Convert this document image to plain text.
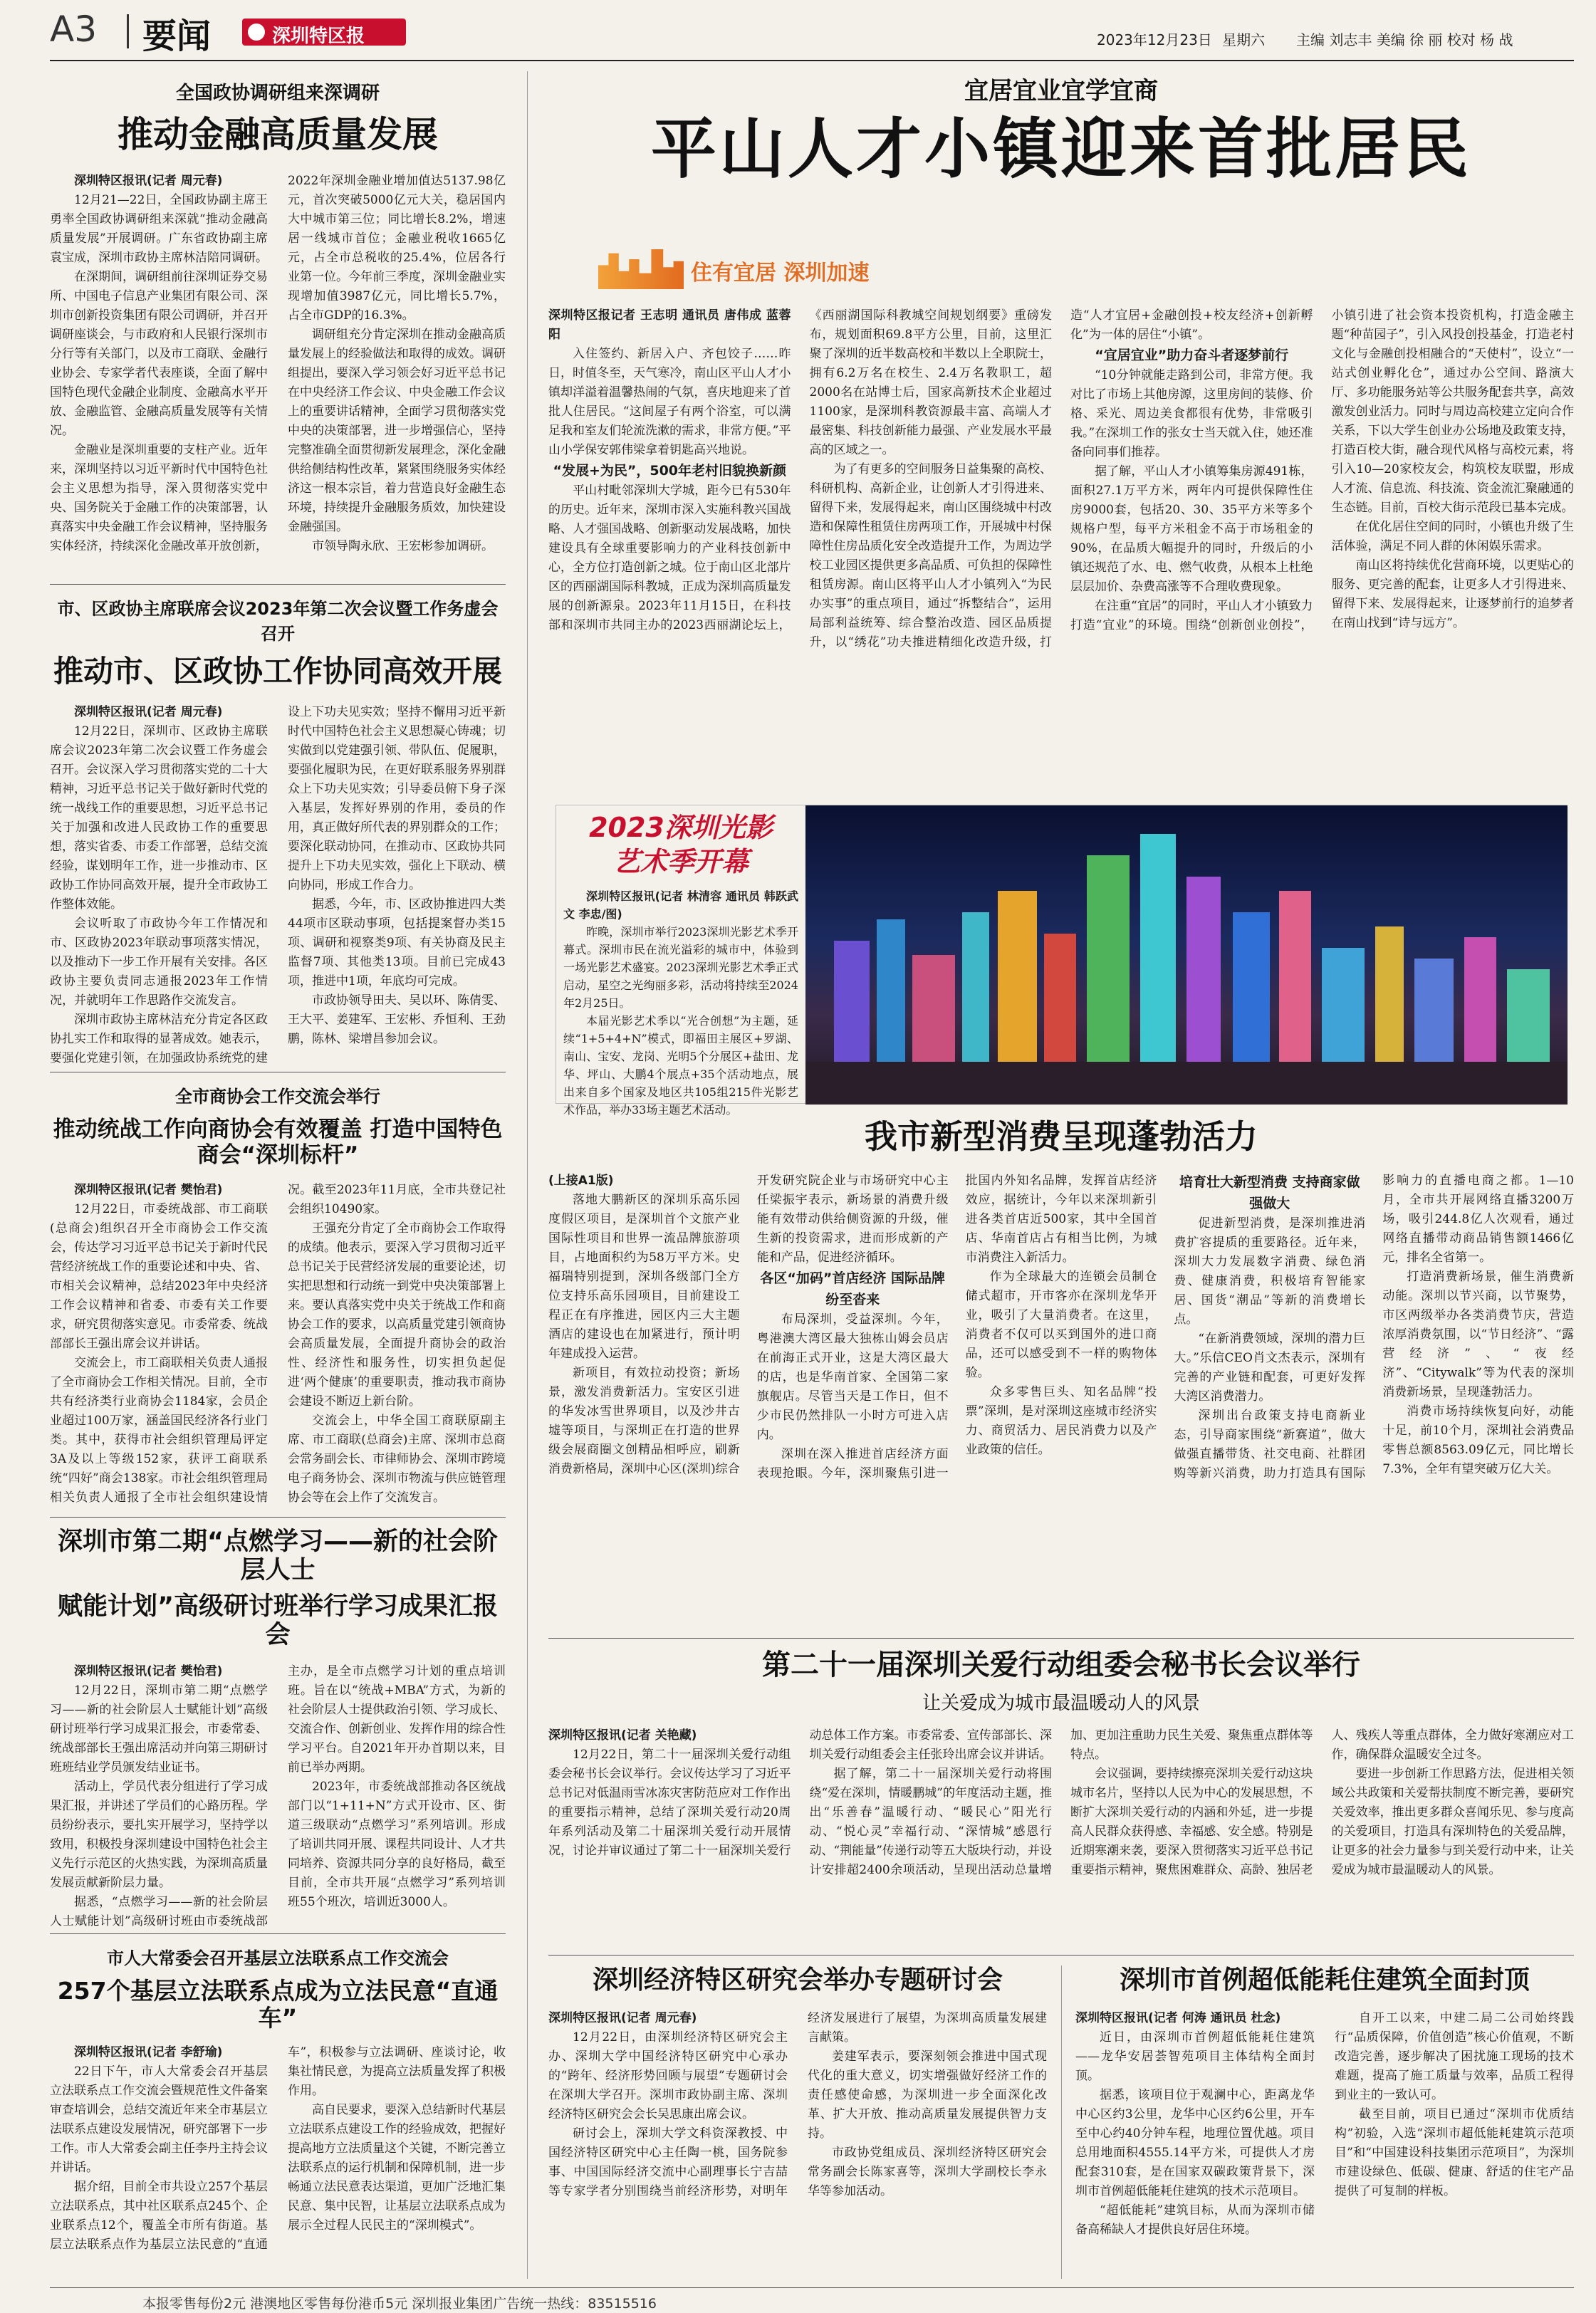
A3 要闻	深圳特区报	2023年12月23日 星期六 主编 刘志丰 美编 徐 丽 校对 杨 战
全国政协调研组来深调研
推动金融高质量发展

深圳特区报讯(记者 周元春)

12月21—22日，全国政协副主席王勇率全国政协调研组来深就“推动金融高质量发展”开展调研。广东省政协副主席袁宝成，深圳市政协主席林洁陪同调研。

在深期间，调研组前往深圳证券交易所、中国电子信息产业集团有限公司、深圳市创新投资集团有限公司调研，并召开调研座谈会，与市政府和人民银行深圳市分行等有关部门，以及市工商联、金融行业协会、专家学者代表座谈，全面了解中国特色现代金融企业制度、金融高水平开放、金融监管、金融高质量发展等有关情况。

金融业是深圳重要的支柱产业。近年来，深圳坚持以习近平新时代中国特色社会主义思想为指导，深入贯彻落实党中央、国务院关于金融工作的决策部署，认真落实中央金融工作会议精神，坚持服务实体经济，持续深化金融改革开放创新，2022年深圳金融业增加值达5137.98亿元，首次突破5000亿元大关，稳居国内大中城市第三位；同比增长8.2%，增速居一线城市首位；金融业税收1665亿元，占全市总税收的25.4%，位居各行业第一位。今年前三季度，深圳金融业实现增加值3987亿元，同比增长5.7%，占全市GDP的16.3%。

调研组充分肯定深圳在推动金融高质量发展上的经验做法和取得的成效。调研组提出，要深入学习领会好习近平总书记在中央经济工作会议、中央金融工作会议上的重要讲话精神，全面学习贯彻落实党中央的决策部署，进一步增强信心，坚持完整准确全面贯彻新发展理念，深化金融供给侧结构性改革，紧紧围绕服务实体经济这一根本宗旨，着力营造良好金融生态环境，持续提升金融服务质效，加快建设金融强国。

市领导陶永欣、王宏彬参加调研。

市、区政协主席联席会议2023年第二次会议暨工作务虚会召开
推动市、区政协工作协同高效开展

深圳特区报讯(记者 周元春)

12月22日，深圳市、区政协主席联席会议2023年第二次会议暨工作务虚会召开。会议深入学习贯彻落实党的二十大精神，习近平总书记关于做好新时代党的统一战线工作的重要思想，习近平总书记关于加强和改进人民政协工作的重要思想，落实省委、市委工作部署，总结交流经验，谋划明年工作，进一步推动市、区政协工作协同高效开展，提升全市政协工作整体效能。

会议听取了市政协今年工作情况和市、区政协2023年联动事项落实情况，以及推动下一步工作开展有关安排。各区政协主要负责同志通报2023年工作情况，并就明年工作思路作交流发言。

深圳市政协主席林洁充分肯定各区政协扎实工作和取得的显著成效。她表示，要强化党建引领，在加强政协系统党的建设上下功夫见实效；坚持不懈用习近平新时代中国特色社会主义思想凝心铸魂；切实做到以党建强引领、带队伍、促履职，要强化履职为民，在更好联系服务界别群众上下功夫见实效；引导委员俯下身子深入基层，发挥好界别的作用，委员的作用，真正做好所代表的界别群众的工作；要深化联动协同，在推动市、区政协共同提升上下功夫见实效，强化上下联动、横向协同，形成工作合力。

据悉，今年，市、区政协推进四大类44项市区联动事项，包括提案督办类15项、调研和视察类9项、有关协商及民主监督7项、其他类13项。目前已完成43项，推进中1项，年底均可完成。

市政协领导田夫、吴以环、陈倩雯、王大平、姜建军、王宏彬、乔恒利、王劲鹏，陈林、梁增昌参加会议。

全市商协会工作交流会举行
推动统战工作向商协会有效覆盖 打造中国特色商会“深圳标杆”

深圳特区报讯(记者 樊怡君)

12月22日，市委统战部、市工商联(总商会)组织召开全市商协会工作交流会，传达学习习近平总书记关于新时代民营经济统战工作的重要论述和中央、省、市相关会议精神，总结2023年中央经济工作会议精神和省委、市委有关工作要求，研究贯彻落实意见。市委常委、统战部部长王强出席会议并讲话。

交流会上，市工商联相关负责人通报了全市商协会工作相关情况。目前，全市共有经济类行业商协会1184家，会员企业超过100万家，涵盖国民经济各行业门类。其中，获得市社会组织管理局评定3A及以上等级152家，获评工商联系统“四好”商会138家。市社会组织管理局相关负责人通报了全市社会组织建设情况。截至2023年11月底，全市共登记社会组织10490家。

王强充分肯定了全市商协会工作取得的成绩。他表示，要深入学习贯彻习近平总书记关于民营经济发展的重要论述，切实把思想和行动统一到党中央决策部署上来。要认真落实党中央关于统战工作和商协会工作的要求，以高质量党建引领商协会高质量发展，全面提升商协会的政治性、经济性和服务性，切实担负起促进‘两个健康’的重要职责，推动我市商协会建设不断迈上新台阶。

交流会上，中华全国工商联原副主席、市工商联(总商会)主席、深圳市总商会常务副会长、市律师协会、深圳市跨境电子商务协会、深圳市物流与供应链管理协会等在会上作了交流发言。

深圳市第二期“点燃学习——新的社会阶层人士
赋能计划”高级研讨班举行学习成果汇报会

深圳特区报讯(记者 樊怡君)

12月22日，深圳市第二期“点燃学习——新的社会阶层人士赋能计划”高级研讨班举行学习成果汇报会，市委常委、统战部部长王强出席活动并向第三期研讨班班结业学员颁发结业证书。

活动上，学员代表分组进行了学习成果汇报，并讲述了学员们的心路历程。学员纷纷表示，要扎实开展学习，坚持学以致用，积极投身深圳建设中国特色社会主义先行示范区的火热实践，为深圳高质量发展贡献新阶层力量。

据悉，“点燃学习——新的社会阶层人士赋能计划”高级研讨班由市委统战部主办，是全市点燃学习计划的重点培训班。旨在以“统战+MBA”方式，为新的社会阶层人士提供政治引领、学习成长、交流合作、创新创业、发挥作用的综合性学习平台。自2021年开办首期以来，目前已举办两期。

2023年，市委统战部推动各区统战部门以“1+11+N”方式开设市、区、街道三级联动“点燃学习”系列培训。形成了培训共同开展、课程共同设计、人才共同培养、资源共同分享的良好格局，截至目前，全市共开展“点燃学习”系列培训班55个班次，培训近3000人。

市人大常委会召开基层立法联系点工作交流会
257个基层立法联系点成为立法民意“直通车”

深圳特区报讯(记者 李舒瑜)

22日下午，市人大常委会召开基层立法联系点工作交流会暨规范性文件备案审查培训会，总结交流近年来全市基层立法联系点建设发展情况，研究部署下一步工作。市人大常委会副主任李丹主持会议并讲话。

据介绍，目前全市共设立257个基层立法联系点，其中社区联系点245个、企业联系点12个，覆盖全市所有街道。基层立法联系点作为基层立法民意的“直通车”，积极参与立法调研、座谈讨论，收集社情民意，为提高立法质量发挥了积极作用。

高自民要求，要深入总结新时代基层立法联系点建设工作的经验成效，把握好提高地方立法质量这个关键，不断完善立法联系点的运行机制和保障机制，进一步畅通立法民意表达渠道，更加广泛地汇集民意、集中民智，让基层立法联系点成为展示全过程人民民主的“深圳模式”。

宜居宜业宜学宜商
平山人才小镇迎来首批居民
住有宜居 深圳加速

深圳特区报记者 王志明 通讯员 唐伟成 蓝蓉阳

入住签约、新居入户、齐包饺子……昨日，时值冬至，天气寒冷，南山区平山人才小镇却洋溢着温馨热闹的气氛，喜庆地迎来了首批人住居民。“这间屋子有两个浴室，可以满足我和室友们轮流洗漱的需求，非常方便。”平山小学保安郭伟梁拿着钥匙高兴地说。

“发展+为民”，500年老村旧貌换新颜

平山村毗邻深圳大学城，距今已有530年的历史。近年来，深圳市深入实施科教兴国战略、人才强国战略、创新驱动发展战略，加快建设具有全球重要影响力的产业科技创新中心，全方位打造创新之城。位于南山区北部片区的西丽湖国际科教城，正成为深圳高质量发展的创新源泉。2023年11月15日，在科技部和深圳市共同主办的2023西丽湖论坛上，《西丽湖国际科教城空间规划纲要》重磅发布，规划面积69.8平方公里，目前，这里汇聚了深圳的近半数高校和半数以上全职院士，拥有6.2万名在校生、2.4万名教职工，超2000名在站博士后，国家高新技术企业超过1100家，是深圳科教资源最丰富、高端人才最密集、科技创新能力最强、产业发展水平最高的区域之一。

为了有更多的空间服务日益集聚的高校、科研机构、高新企业，让创新人才引得进来、留得下来，发展得起来，南山区围绕城中村改造和保障性租赁住房两项工作，开展城中村保障性住房品质化安全改造提升工作，为周边学校工业园区提供更多高品质、可负担的保障性租赁房源。南山区将平山人才小镇列入“为民办实事”的重点项目，通过“拆整结合”，运用局部利益统筹、综合整治改造、园区品质提升，以“绣花”功夫推进精细化改造升级，打造“人才宜居+金融创投+校友经济+创新孵化”为一体的居住“小镇”。

“宜居宜业”助力奋斗者逐梦前行

“10分钟就能走路到公司，非常方便。我对比了市场上其他房源，这里房间的装修、价格、采光、周边美食都很有优势，非常吸引我。”在深圳工作的张女士当天就入住，她还准备向同事们推荐。

据了解，平山人才小镇筹集房源491栋，面积27.1万平方米，两年内可提供保障性住房9000套，包括20、30、35平方米等多个规格户型，每平方米租金不高于市场租金的90%，在品质大幅提升的同时，升级后的小镇还规范了水、电、燃气收费，从根本上杜绝层层加价、杂费高涨等不合理收费现象。

在注重“宜居”的同时，平山人才小镇致力打造“宜业”的环境。围绕“创新创业创投”，小镇引进了社会资本投资机构，打造金融主题“种苗园子”，引入风投创投基金，打造老村文化与金融创投相融合的“天使村”，设立“一站式创业孵化仓”，通过办公空间、路演大厅、多功能服务站等公共服务配套共享，高效激发创业活力。同时与周边高校建立定向合作关系，下以大学生创业办公场地及政策支持，打造百校大街，融合现代风格与高校元素，将引入10—20家校友会，构筑校友联盟，形成人才流、信息流、科技流、资金流汇聚融通的生态链。目前，百校大街示范段已基本完成。

在优化居住空间的同时，小镇也升级了生活体验，满足不同人群的休闲娱乐需求。

南山区将持续优化营商环境，以更贴心的服务、更完善的配套，让更多人才引得进来、留得下来、发展得起来，让逐梦前行的追梦者在南山找到“诗与远方”。

2023深圳光影
艺术季开幕

深圳特区报讯(记者 林清容 通讯员 韩跃武 文 李忠/图)

昨晚，深圳市举行2023深圳光影艺术季开幕式。深圳市民在流光溢彩的城市中，体验到一场光影艺术盛宴。2023深圳光影艺术季正式启动，星空之光绚丽多彩，活动将持续至2024年2月25日。

本届光影艺术季以“光合创想”为主题，延续“1+5+4+N”模式，即福田主展区+罗湖、南山、宝安、龙岗、光明5个分展区+盐田、龙华、坪山、大鹏4个展点+35个活动地点，展出来自多个国家及地区共105组215件光影艺术作品，举办33场主题艺术活动。

我市新型消费呈现蓬勃活力

(上接A1版)

落地大鹏新区的深圳乐高乐园度假区项目，是深圳首个文旅产业国际性项目和世界一流品牌旅游项目，占地面积约为58万平方米。史福瑞特别提到，深圳各级部门全方位支持乐高乐园项目，目前建设工程正在有序推进，园区内三大主题酒店的建设也在加紧进行，预计明年建成投入运营。

新项目，有效拉动投资；新场景，激发消费新活力。宝安区引进的华发冰雪世界项目，以及沙井古墟等项目，与深圳正在打造的世界级会展商圈文创精品相呼应，刷新消费新格局，深圳中心区(深圳)综合开发研究院企业与市场研究中心主任梁振宇表示，新场景的消费升级能有效带动供给侧资源的升级，催生新的投资需求，进而形成新的产能和产品，促进经济循环。

各区“加码”首店经济 国际品牌纷至沓来

布局深圳，受益深圳。今年，粤港澳大湾区最大独栋山姆会员店在前海正式开业，这是大湾区最大的店，也是华南首家、全国第二家旗舰店。尽管当天是工作日，但不少市民仍然排队一小时方可进入店内。

深圳在深入推进首店经济方面表现抢眼。今年，深圳聚焦引进一批国内外知名品牌，发挥首店经济效应，据统计，今年以来深圳新引进各类首店近500家，其中全国首店、华南首店占有相当比例，为城市消费注入新活力。

作为全球最大的连锁会员制仓储式超市，开市客亦在深圳龙华开业，吸引了大量消费者。在这里，消费者不仅可以买到国外的进口商品，还可以感受到不一样的购物体验。

众多零售巨头、知名品牌“投票”深圳，是对深圳这座城市经济实力、商贸活力、居民消费力以及产业政策的信任。

培育壮大新型消费 支持商家做强做大

促进新型消费，是深圳推进消费扩容提质的重要路径。近年来，深圳大力发展数字消费、绿色消费、健康消费，积极培育智能家居、国货“潮品”等新的消费增长点。

“在新消费领域，深圳的潜力巨大。”乐信CEO肖文杰表示，深圳有完善的产业链和配套，可更好发挥大湾区消费潜力。

深圳出台政策支持电商新业态，引导商家围绕“新赛道”，做大做强直播带货、社交电商、社群团购等新兴消费，助力打造具有国际影响力的直播电商之都。1—10月，全市共开展网络直播3200万场，吸引244.8亿人次观看，通过网络直播带动商品销售额1466亿元，排名全省第一。

打造消费新场景，催生消费新动能。深圳以节兴商，以节聚势，市区两级举办各类消费节庆，营造浓厚消费氛围，以“节日经济”、“露营经济”、“夜经济”、“Citywalk”等为代表的深圳消费新场景，呈现蓬勃活力。

消费市场持续恢复向好，动能十足，前10个月，深圳社会消费品零售总额8563.09亿元，同比增长7.3%，全年有望突破万亿大关。

第二十一届深圳关爱行动组委会秘书长会议举行
让关爱成为城市最温暖动人的风景

深圳特区报讯(记者 关艳藏)

12月22日，第二十一届深圳关爱行动组委会秘书长会议举行。会议传达学习了习近平总书记对低温雨雪冰冻灾害防范应对工作作出的重要指示精神，总结了深圳关爱行动20周年系列活动及第二十届深圳关爱行动开展情况，讨论并审议通过了第二十一届深圳关爱行动总体工作方案。市委常委、宣传部部长、深圳关爱行动组委会主任张玲出席会议并讲话。

据了解，第二十一届深圳关爱行动将围绕“爱在深圳，情暖鹏城”的年度活动主题，推出“乐善春”温暖行动、“暖民心”阳光行动、“悦心灵”幸福行动、“深情城”感恩行动、“荆能量”传递行动等五大版块行动，并设计安排超2400余项活动，呈现出活动总量增加、更加注重助力民生关爱、聚焦重点群体等特点。

会议强调，要持续擦亮深圳关爱行动这块城市名片，坚持以人民为中心的发展思想，不断扩大深圳关爱行动的内涵和外延，进一步提高人民群众获得感、幸福感、安全感。特别是近期寒潮来袭，要深入贯彻落实习近平总书记重要指示精神，聚焦困难群众、高龄、独居老人、残疾人等重点群体，全力做好寒潮应对工作，确保群众温暖安全过冬。

要进一步创新工作思路方法，促进相关领域公共政策和关爱帮扶制度不断完善，要研究关爱效率，推出更多群众喜闻乐见、参与度高的关爱项目，打造具有深圳特色的关爱品牌，让更多的社会力量参与到关爱行动中来，让关爱成为城市最温暖动人的风景。

深圳经济特区研究会举办专题研讨会

深圳特区报讯(记者 周元春)

12月22日，由深圳经济特区研究会主办、深圳大学中国经济特区研究中心承办的“跨年、经济形势回顾与展望”专题研讨会在深圳大学召开。深圳市政协副主席、深圳经济特区研究会会长吴思康出席会议。

研讨会上，深圳大学文科资深教授、中国经济特区研究中心主任陶一桃，国务院参事、中国国际经济交流中心副理事长宁吉喆等专家学者分别围绕当前经济形势，对明年经济发展进行了展望，为深圳高质量发展建言献策。

姜建军表示，要深刻领会推进中国式现代化的重大意义，切实增强做好经济工作的责任感使命感，为深圳进一步全面深化改革、扩大开放、推动高质量发展提供智力支持。

市政协党组成员、深圳经济特区研究会常务副会长陈家喜等，深圳大学副校长李永华等参加活动。

深圳市首例超低能耗住建筑全面封顶

深圳特区报讯(记者 何涛 通讯员 杜念)

近日，由深圳市首例超低能耗住建筑——龙华安居荟智苑项目主体结构全面封顶。

据悉，该项目位于观澜中心，距离龙华中心区约3公里，龙华中心区约6公里，开车至中心约40分钟车程，地理位置优越。项目总用地面积4555.14平方米，可提供人才房配套310套，是在国家双碳政策背景下，深圳市首例超低能耗住建筑的技术示范项目。

“超低能耗”建筑目标，从而为深圳市储备高稀缺人才提供良好居住环境。

自开工以来，中建二局二公司始终践行“品质保障，价值创造”核心价值观，不断改造完善，逐步解决了困扰施工现场的技术难题，提高了施工质量与效率，品质工程得到业主的一致认可。

截至目前，项目已通过“深圳市优质结构”初验，入选“深圳市超低能耗建筑示范项目”和“中国建设科技集团示范项目”，为深圳市建设绿色、低碳、健康、舒适的住宅产品提供了可复制的样板。

本报零售每份2元 港澳地区零售每份港币5元 深圳报业集团广告统一热线：83515516
